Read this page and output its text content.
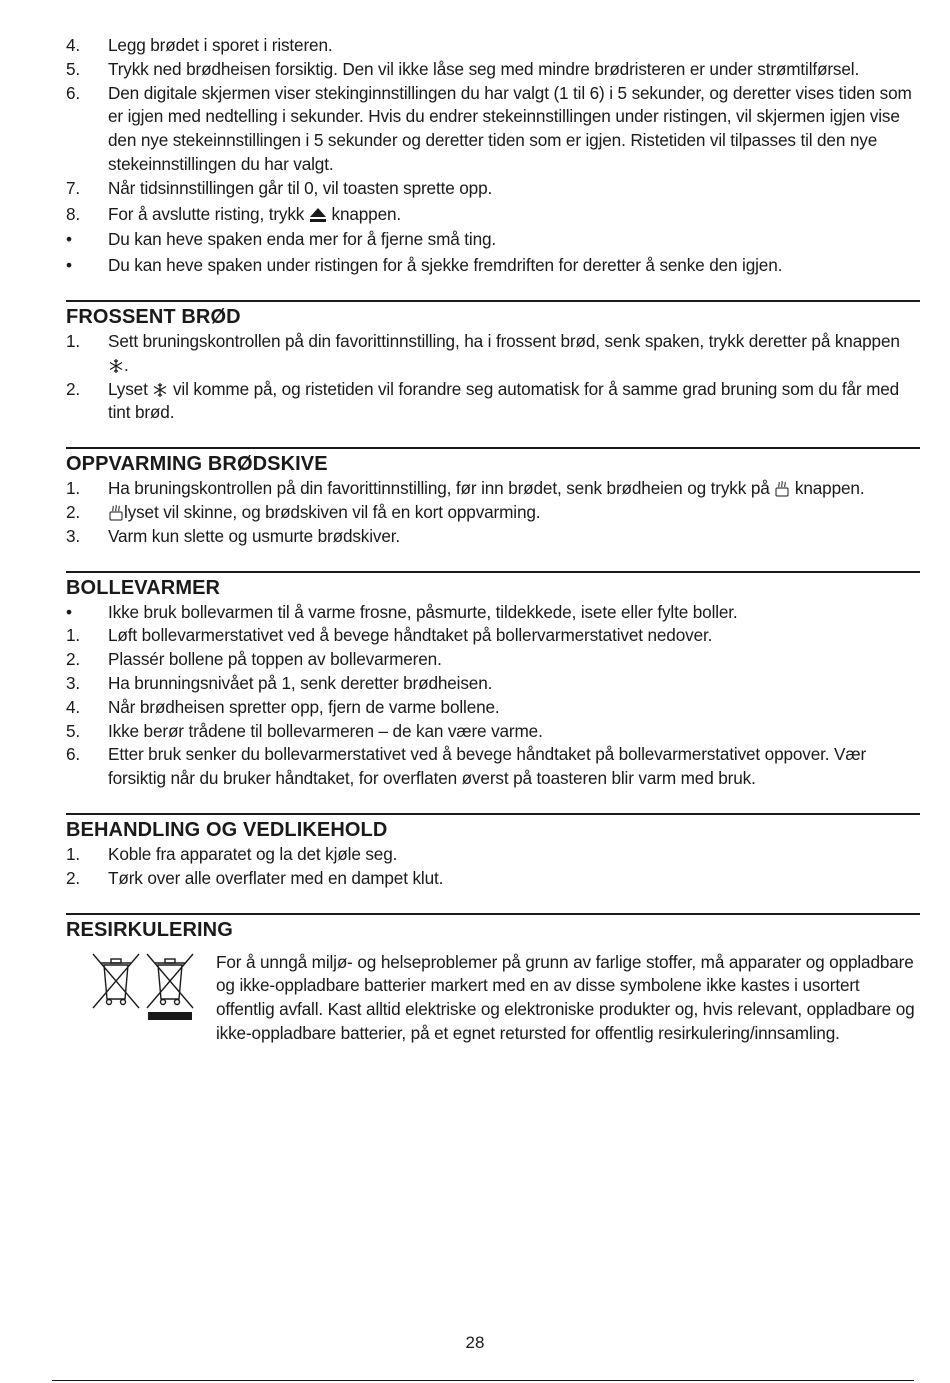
4.	Legg brødet i sporet i risteren.
5.	Trykk ned brødheisen forsiktig. Den vil ikke låse seg med mindre brødristeren er under strømtilførsel.
6.	Den digitale skjermen viser stekinginnstillingen du har valgt (1 til 6) i 5 sekunder, og deretter vises tiden som er igjen med nedtelling i sekunder. Hvis du endrer stekeinnstillingen under ristingen, vil skjermen igjen vise den nye stekeinnstillingen i 5 sekunder og deretter tiden som er igjen. Ristetiden vil tilpasses til den nye stekeinnstillingen du har valgt.
7.	Når tidsinnstillingen går til 0, vil toasten sprette opp.
8.	For å avslutte risting, trykk knappen.
•	Du kan heve spaken enda mer for å fjerne små ting.
•	Du kan heve spaken under ristingen for å sjekke fremdriften for deretter å senke den igjen.
FROSSENT BRØD
1.	Sett bruningskontrollen på din favorittinnstilling, ha i frossent brød, senk spaken, trykk deretter på knappen .
2.	Lyset vil komme på, og ristetiden vil forandre seg automatisk for å samme grad bruning som du får med tint brød.
OPPVARMING BRØDSKIVE
1.	Ha bruningskontrollen på din favorittinnstilling, før inn brødet, senk brødheien og trykk på knappen.
2.	lyset vil skinne, og brødskiven vil få en kort oppvarming.
3.	Varm kun slette og usmurte brødskiver.
BOLLEVARMER
•	Ikke bruk bollevarmen til å varme frosne, påsmurte, tildekkede, isete eller fylte boller.
1.	Løft bollevarmerstativet ved å bevege håndtaket på bollervarmerstativet nedover.
2.	Plassér bollene på toppen av bollevarmeren.
3.	Ha brunningsnivået på 1, senk deretter brødheisen.
4.	Når brødheisen spretter opp, fjern de varme bollene.
5.	Ikke berør trådene til bollevarmeren – de kan være varme.
6.	Etter bruk senker du bollevarmerstativet ved å bevege håndtaket på bollevarmerstativet oppover. Vær forsiktig når du bruker håndtaket, for overflaten øverst på toasteren blir varm med bruk.
BEHANDLING OG VEDLIKEHOLD
1.	Koble fra apparatet og la det kjøle seg.
2.	Tørk over alle overflater med en dampet klut.
RESIRKULERING
For å unngå miljø- og helseproblemer på grunn av farlige stoffer, må apparater og oppladbare og ikke-oppladbare batterier markert med en av disse symbolene ikke kastes i usortert offentlig avfall. Kast alltid elektriske og elektroniske produkter og, hvis relevant, oppladbare og ikke-oppladbare batterier, på et egnet retursted for offentlig resirkulering/innsamling.
28
